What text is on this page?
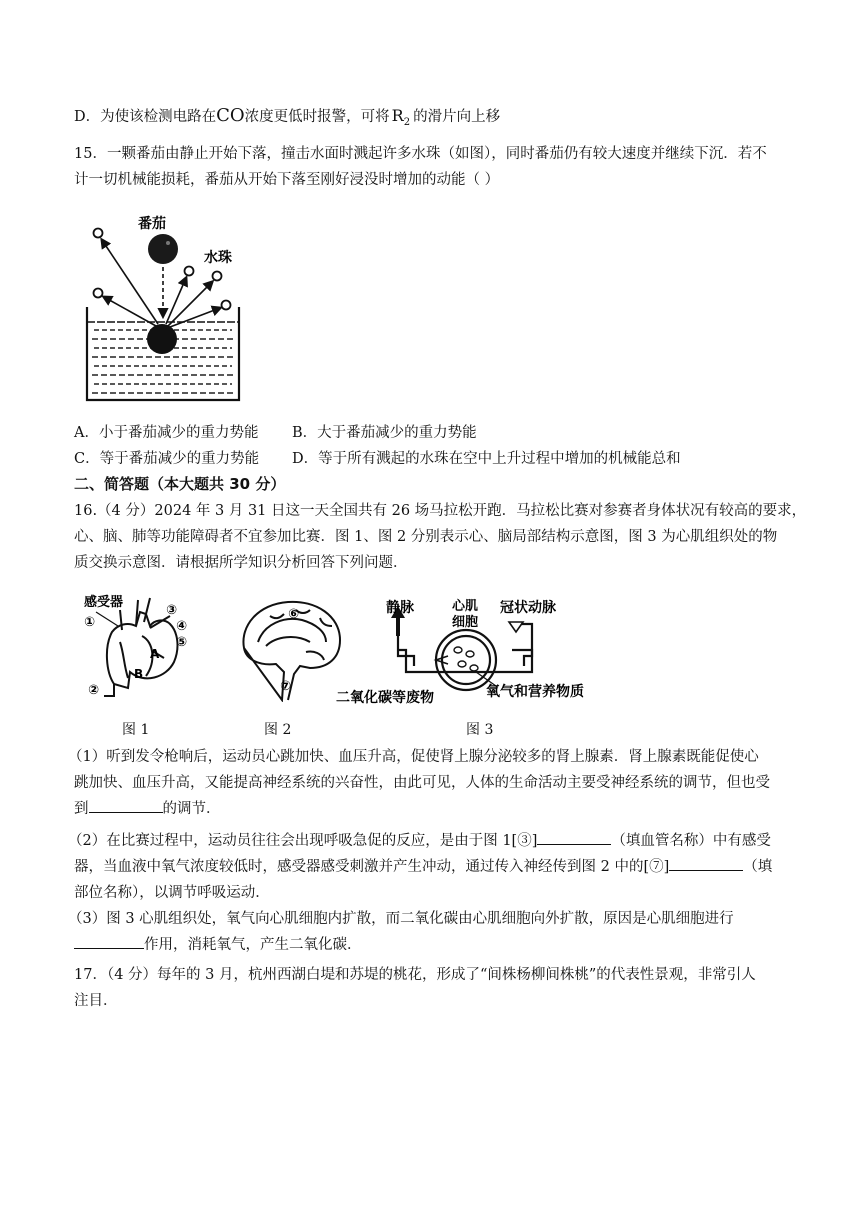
D．为使该检测电路在CO浓度更低时报警，可将 $R_2$ 的滑片向上移
15．一颗番茄由静止开始下落，撞击水面时溅起许多水珠（如图），同时番茄仍有较大速度并继续下沉．若不
计一切机械能损耗，番茄从开始下落至刚好浸没时增加的动能（ ）
番茄
水珠
A．小于番茄减少的重力势能 B．大于番茄减少的重力势能
C．等于番茄减少的重力势能 D．等于所有溅起的水珠在空中上升过程中增加的机械能总和
二、简答题（本大题共 30 分）
16.（4 分）2024 年 3 月 31 日这一天全国共有 26 场马拉松开跑．马拉松比赛对参赛者身体状况有较高的要求，
心、脑、肺等功能障碍者不宜参加比赛．图 1、图 2 分别表示心、脑局部结构示意图，图 3 为心肌组织处的物
质交换示意图．请根据所学知识分析回答下列问题．
感受器
①
②
③
④
⑤
A
B
⑥
⑦
静脉	心肌
细胞
冠状动脉
二氧化碳等废物	氧气和营养物质
图 1	图 2	图 3
（1）听到发令枪响后，运动员心跳加快、血压升高，促使肾上腺分泌较多的肾上腺素．肾上腺素既能促使心
跳加快、血压升高，又能提高神经系统的兴奋性，由此可见，人体的生命活动主要受神经系统的调节，但也受
到	的调节．
（2）在比赛过程中，运动员往往会出现呼吸急促的反应，是由于图 1[③]	（填血管名称）中有感受
器，当血液中氧气浓度较低时，感受器感受刺激并产生冲动，通过传入神经传到图 2 中的[⑦]	（填
部位名称），以调节呼吸运动．
（3）图 3 心肌组织处，氧气向心肌细胞内扩散，而二氧化碳由心肌细胞向外扩散，原因是心肌细胞进行
作用，消耗氧气，产生二氧化碳．
17．（4 分）每年的 3 月，杭州西湖白堤和苏堤的桃花，形成了“间株杨柳间株桃”的代表性景观，非常引人
注目．
